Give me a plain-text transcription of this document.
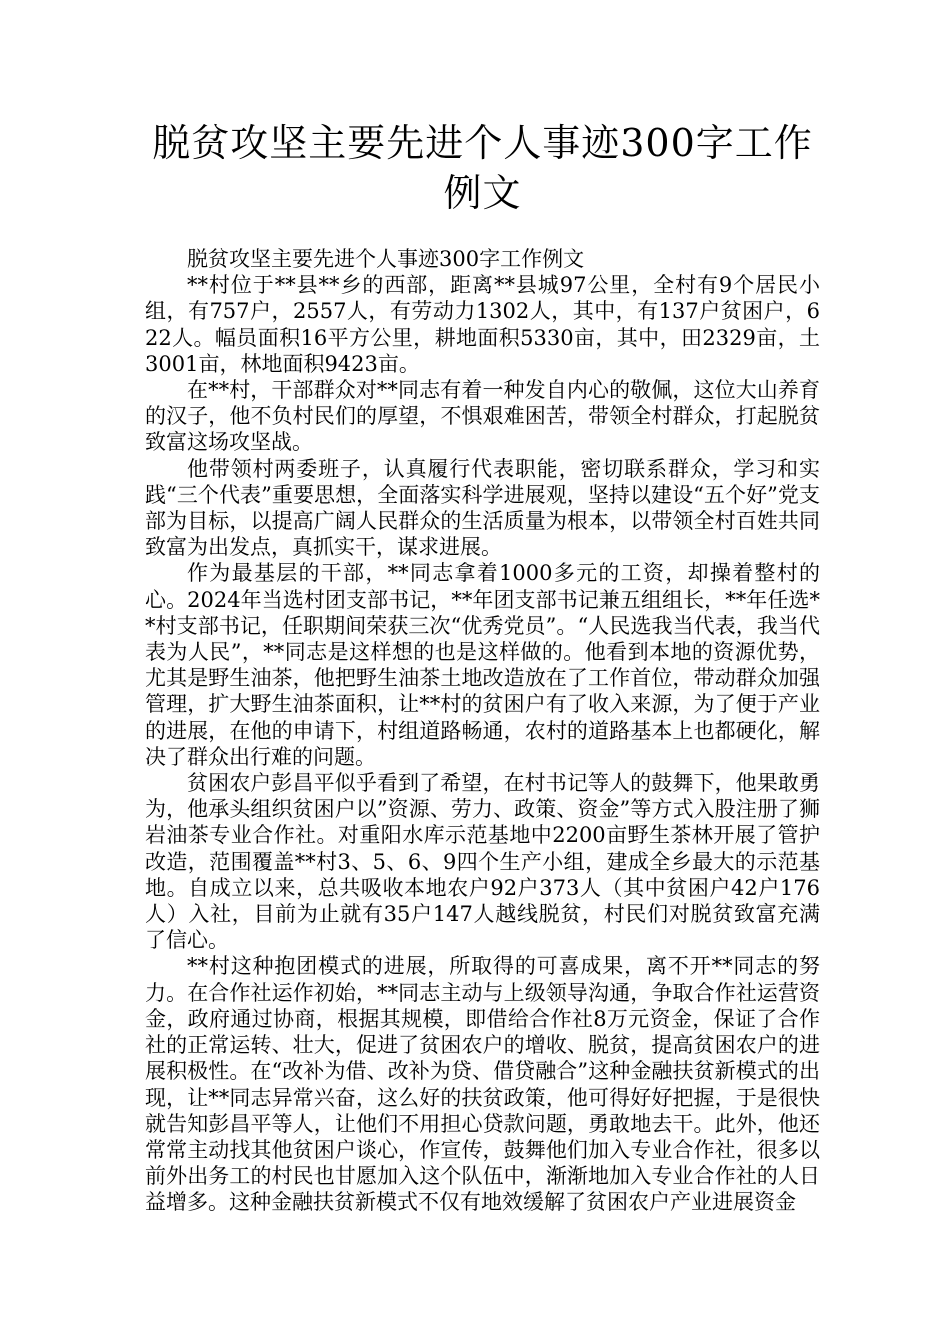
脱贫攻坚主要先进个人事迹300字工作例文

脱贫攻坚主要先进个人事迹300字工作例文

**村位于**县**乡的西部，距离**县城97公里，全村有9个居民小组，有757户，2557人，有劳动力1302人，其中，有137户贫困户，622人。幅员面积16平方公里，耕地面积5330亩，其中，田2329亩，土3001亩，林地面积9423亩。

在**村，干部群众对**同志有着一种发自内心的敬佩，这位大山养育的汉子，他不负村民们的厚望，不惧艰难困苦，带领全村群众，打起脱贫致富这场攻坚战。

他带领村两委班子，认真履行代表职能，密切联系群众，学习和实践“三个代表”重要思想，全面落实科学进展观，坚持以建设“五个好”党支部为目标，以提高广阔人民群众的生活质量为根本，以带领全村百姓共同致富为出发点，真抓实干，谋求进展。

作为最基层的干部，**同志拿着1000多元的工资，却操着整村的心。2024年当选村团支部书记，**年团支部书记兼五组组长，**年任选**村支部书记，任职期间荣获三次“优秀党员”。“人民选我当代表，我当代表为人民”，**同志是这样想的也是这样做的。他看到本地的资源优势，尤其是野生油茶，他把野生油茶土地改造放在了工作首位，带动群众加强管理，扩大野生油茶面积，让**村的贫困户有了收入来源，为了便于产业的进展，在他的申请下，村组道路畅通，农村的道路基本上也都硬化，解决了群众出行难的问题。

贫困农户彭昌平似乎看到了希望，在村书记等人的鼓舞下，他果敢勇为，他承头组织贫困户以”资源、劳力、政策、资金”等方式入股注册了狮岩油茶专业合作社。对重阳水库示范基地中2200亩野生茶林开展了管护改造，范围覆盖**村3、5、6、9四个生产小组，建成全乡最大的示范基地。自成立以来，总共吸收本地农户92户373人（其中贫困户42户176人）入社，目前为止就有35户147人越线脱贫，村民们对脱贫致富充满了信心。

**村这种抱团模式的进展，所取得的可喜成果，离不开**同志的努力。在合作社运作初始，**同志主动与上级领导沟通，争取合作社运营资金，政府通过协商，根据其规模，即借给合作社8万元资金，保证了合作社的正常运转、壮大，促进了贫困农户的增收、脱贫，提高贫困农户的进展积极性。在“改补为借、改补为贷、借贷融合”这种金融扶贫新模式的出现，让**同志异常兴奋，这么好的扶贫政策，他可得好好把握，于是很快就告知彭昌平等人，让他们不用担心贷款问题，勇敢地去干。此外，他还常常主动找其他贫困户谈心，作宣传，鼓舞他们加入专业合作社，很多以前外出务工的村民也甘愿加入这个队伍中，渐渐地加入专业合作社的人日益增多。这种金融扶贫新模式不仅有地效缓解了贫困农户产业进展资金
